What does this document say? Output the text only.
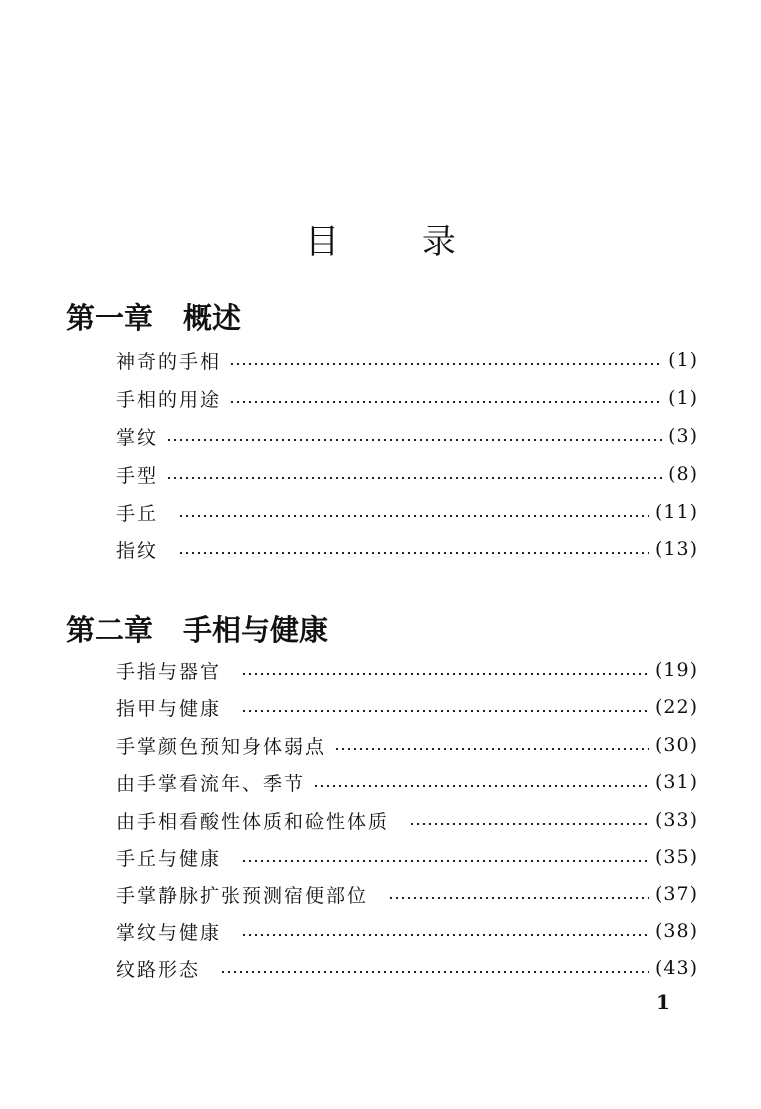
目 录
第一章 概述
神奇的手相	(1)
手相的用途	(1)
掌纹	(3)
手型	(8)
手丘	(11)
指纹	(13)
第二章 手相与健康
手指与器官	(19)
指甲与健康	(22)
手掌颜色预知身体弱点	(30)
由手掌看流年、季节	(31)
由手相看酸性体质和硷性体质	(33)
手丘与健康	(35)
手掌静脉扩张预测宿便部位	(37)
掌纹与健康	(38)
纹路形态	(43)
1
